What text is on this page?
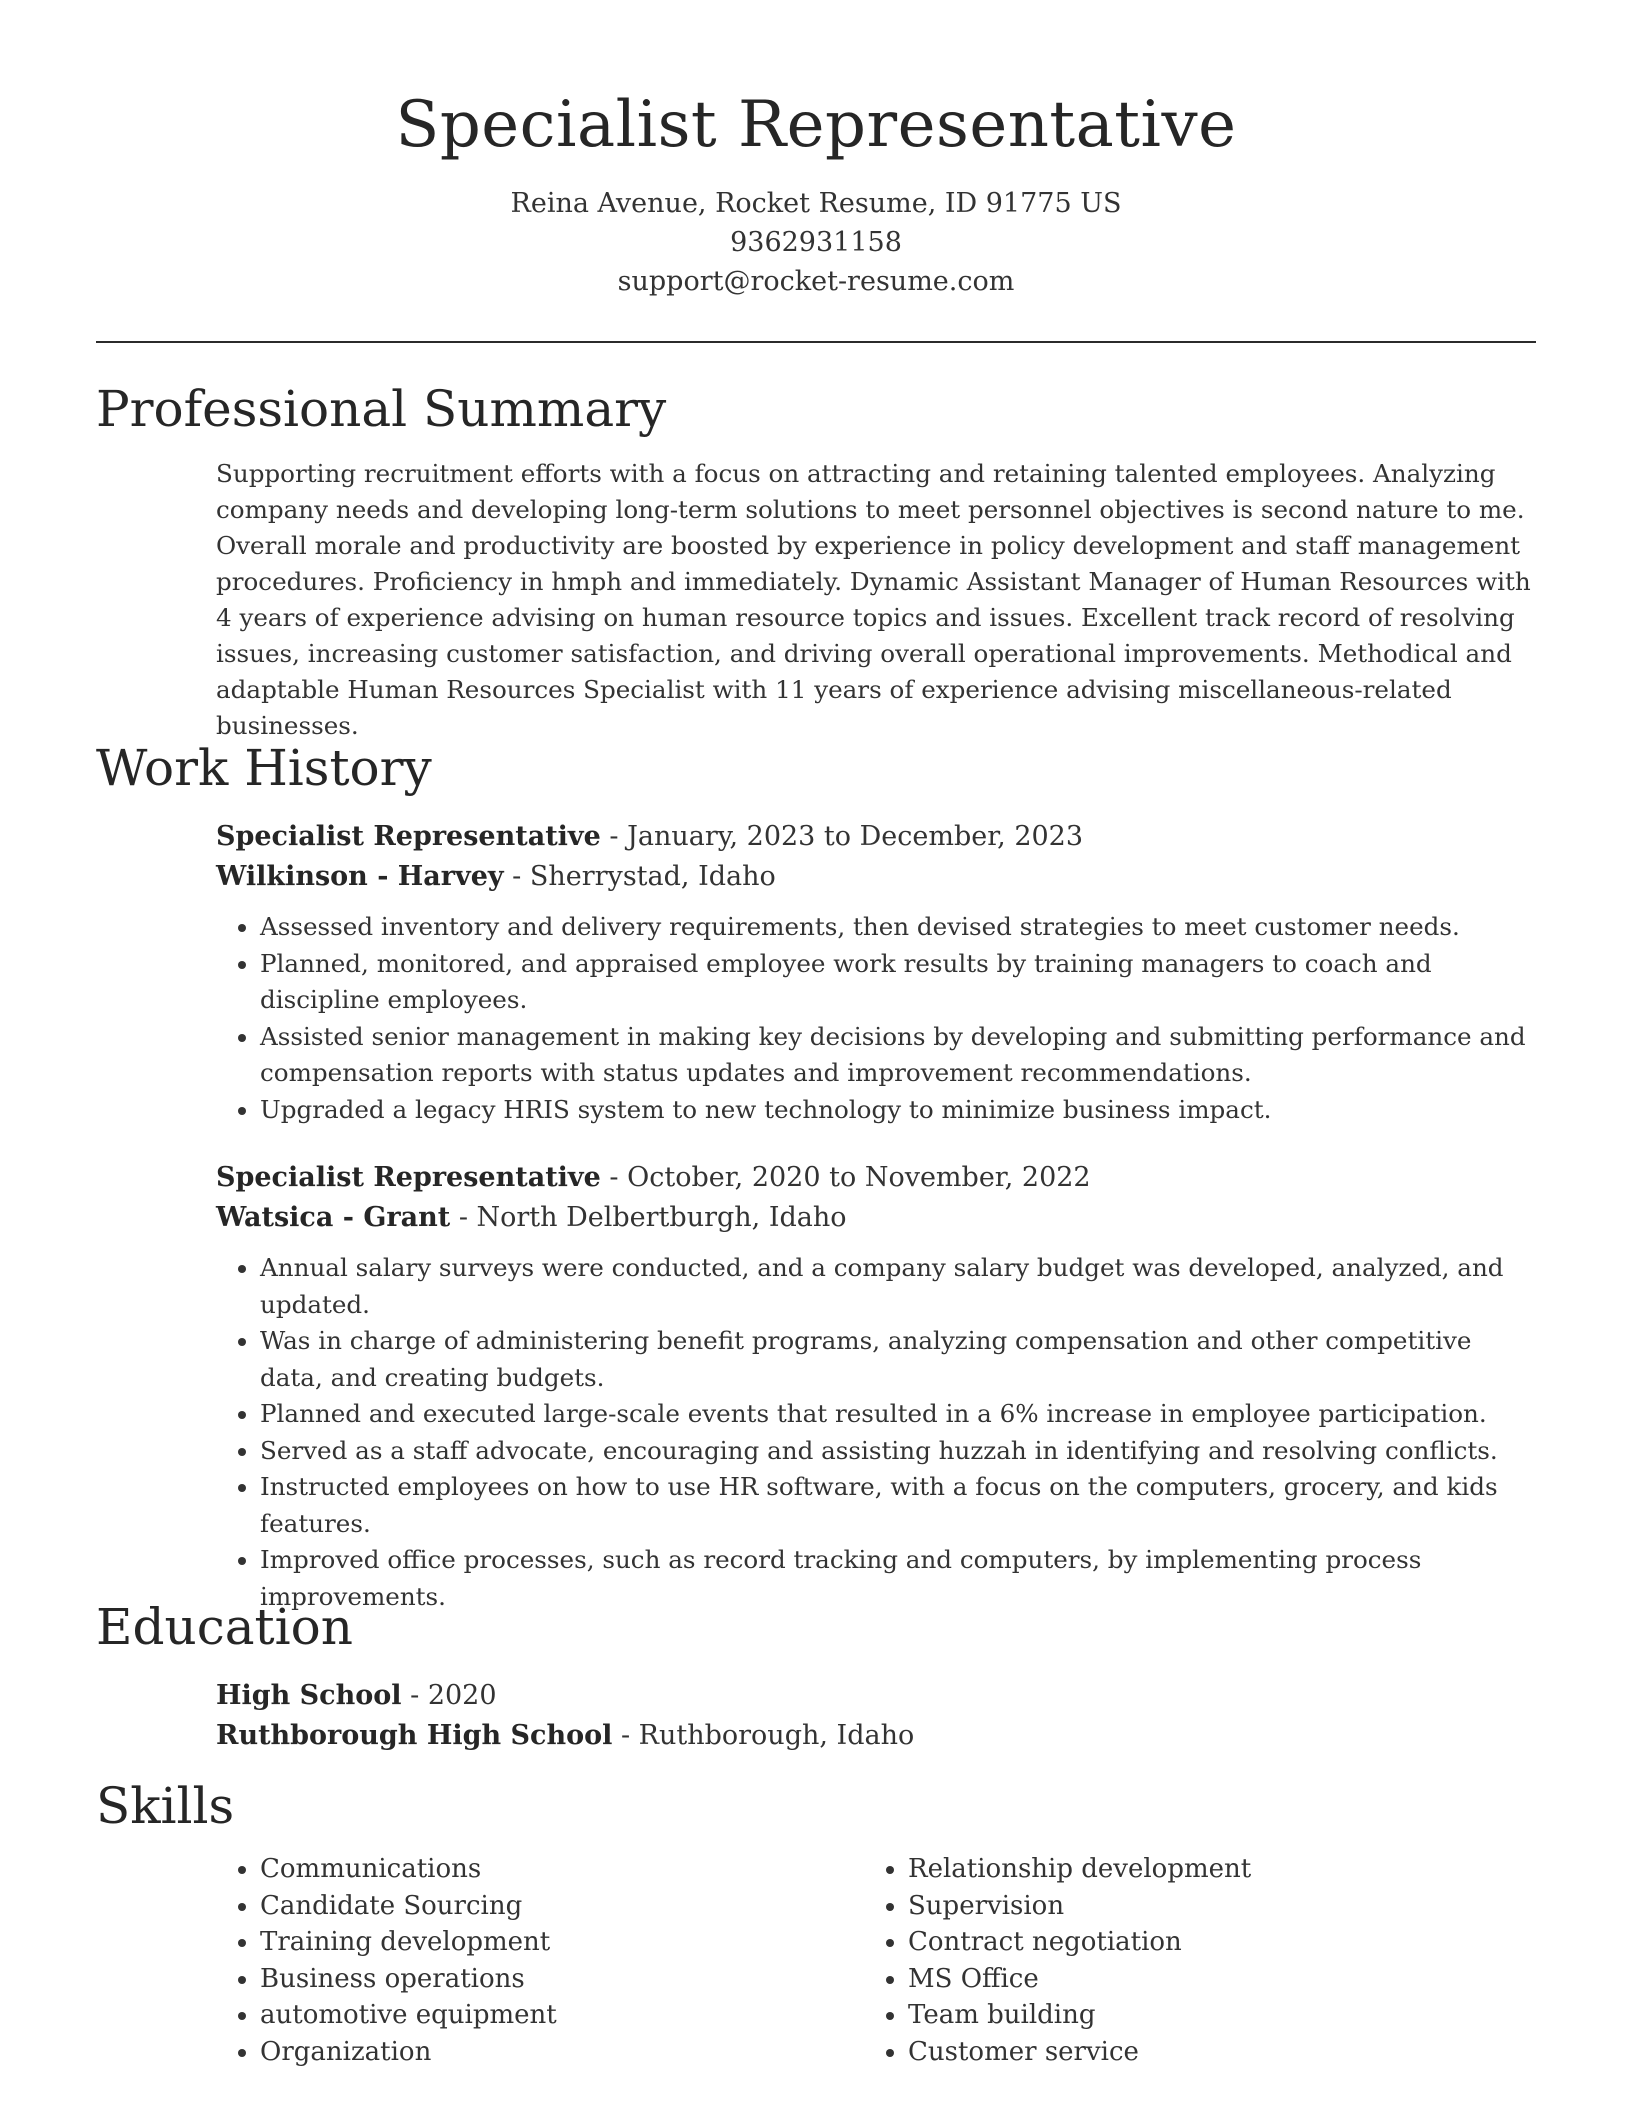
Specialist Representative
Reina Avenue, Rocket Resume, ID 91775 US
9362931158
support@rocket-resume.com
Professional Summary
Supporting recruitment efforts with a focus on attracting and retaining talented employees. Analyzing company needs and developing long-term solutions to meet personnel objectives is second nature to me. Overall morale and productivity are boosted by experience in policy development and staff management procedures. Proficiency in hmph and immediately. Dynamic Assistant Manager of Human Resources with 4 years of experience advising on human resource topics and issues. Excellent track record of resolving issues, increasing customer satisfaction, and driving overall operational improvements. Methodical and adaptable Human Resources Specialist with 11 years of experience advising miscellaneous-related businesses.
Work History
Specialist Representative - January, 2023 to December, 2023
Wilkinson - Harvey - Sherrystad, Idaho
• Assessed inventory and delivery requirements, then devised strategies to meet customer needs.
• Planned, monitored, and appraised employee work results by training managers to coach and discipline employees.
• Assisted senior management in making key decisions by developing and submitting performance and compensation reports with status updates and improvement recommendations.
• Upgraded a legacy HRIS system to new technology to minimize business impact.
Specialist Representative - October, 2020 to November, 2022
Watsica - Grant - North Delbertburgh, Idaho
• Annual salary surveys were conducted, and a company salary budget was developed, analyzed, and updated.
• Was in charge of administering benefit programs, analyzing compensation and other competitive data, and creating budgets.
• Planned and executed large-scale events that resulted in a 6% increase in employee participation.
• Served as a staff advocate, encouraging and assisting huzzah in identifying and resolving conflicts.
• Instructed employees on how to use HR software, with a focus on the computers, grocery, and kids features.
• Improved office processes, such as record tracking and computers, by implementing process improvements.
Education
High School - 2020
Ruthborough High School - Ruthborough, Idaho
Skills
• Communications
• Candidate Sourcing
• Training development
• Business operations
• automotive equipment
• Organization
• Relationship development
• Supervision
• Contract negotiation
• MS Office
• Team building
• Customer service
